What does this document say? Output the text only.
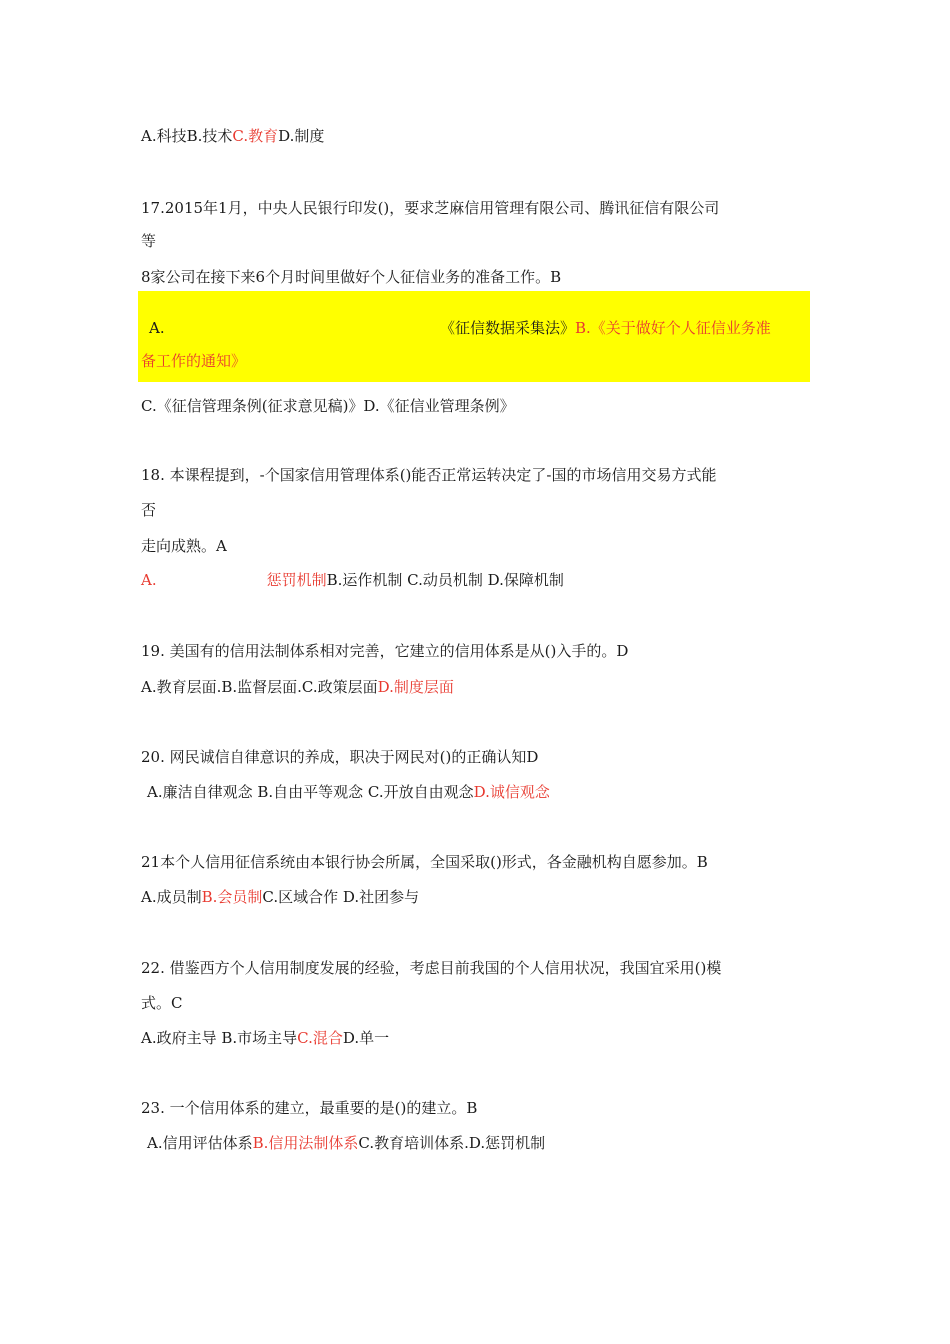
A.科技B.技术C.教育D.制度
17.2015年1月，中央人民银行印发()，要求芝麻信用管理有限公司、腾讯征信有限公司
等
8家公司在接下来6个月时间里做好个人征信业务的准备工作。B
A.	《征信数据采集法》B.《关于做好个人征信业务准
备工作的通知》
C.《征信管理条例(征求意见稿)》D.《征信业管理条例》
18. 本课程提到，-个国家信用管理体系()能否正常运转决定了-国的市场信用交易方式能
否
走向成熟。A
A.	惩罚机制B.运作机制 C.动员机制 D.保障机制
19. 美国有的信用法制体系相对完善，它建立的信用体系是从()入手的。D
A.教育层面.B.监督层面.C.政策层面D.制度层面
20. 网民诚信自律意识的养成，职决于网民对()的正确认知D
A.廉洁自律观念 B.自由平等观念 C.开放自由观念D.诚信观念
21本个人信用征信系统由本银行协会所属，全国采取()形式，各金融机构自愿参加。B
A.成员制B.会员制C.区域合作 D.社团参与
22. 借鉴西方个人信用制度发展的经验，考虑目前我国的个人信用状况，我国宜采用()模
式。C
A.政府主导 B.市场主导C.混合D.单一
23. 一个信用体系的建立，最重要的是()的建立。B
A.信用评估体系B.信用法制体系C.教育培训体系.D.惩罚机制
